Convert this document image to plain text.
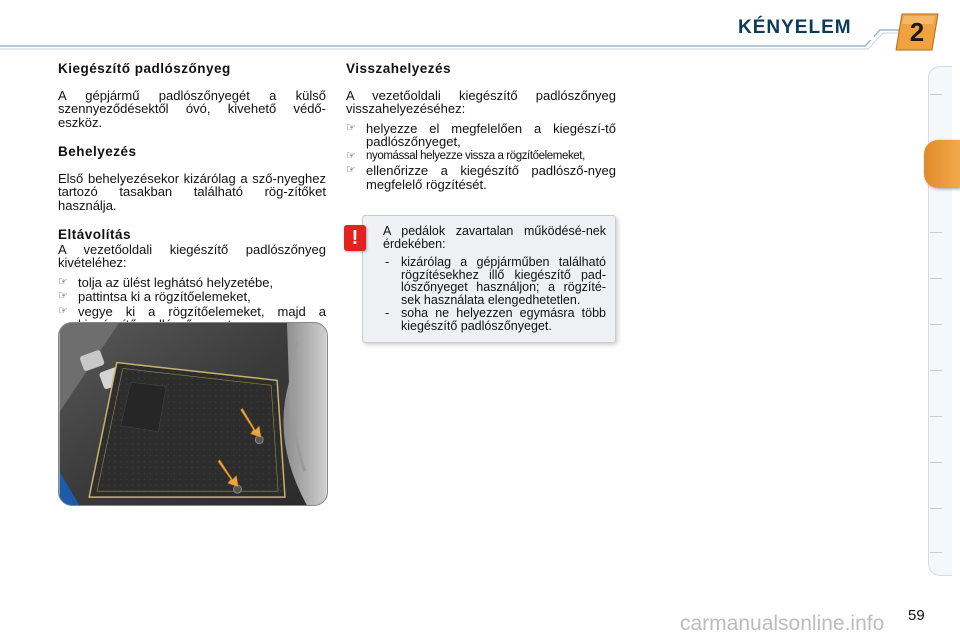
KÉNYELEM	2
Kiegészítő padlószőnyeg

A gépjármű padlószőnyegét a külső szennyeződésektől óvó, kivehető védő-eszköz.

Behelyezés

Első behelyezésekor kizárólag a sző-nyeghez tartozó tasakban található rög-zítőket használja.

Eltávolítás

A vezetőoldali kiegészítő padlószőnyeg kivételéhez:

☞ tolja az ülést leghátsó helyzetébe,
☞ pattintsa ki a rögzítőelemeket,
☞ vegye ki a rögzítőelemeket, majd a
Visszahelyezés

A vezetőoldali kiegészítő padlószőnyeg visszahelyezéséhez:

☞ helyezze el megfelelően a kiegészí-tő padlószőnyeget,
☞ nyomással helyezze vissza a rögzítőelemeket,
☞ ellenőrizze a kiegészítő padlósző-nyeg megfelelő rögzítését.

A pedálok zavartalan működésé-nek érdekében:

- kizárólag a gépjárműben található rögzítésekhez illő kiegészítő pad-lószőnyeget használjon; a rögzíté-sek használata elengedhetetlen.
- soha ne helyezzen egymásra több kiegészítő padlószőnyeget.
!
59
carmanualsonline.info
